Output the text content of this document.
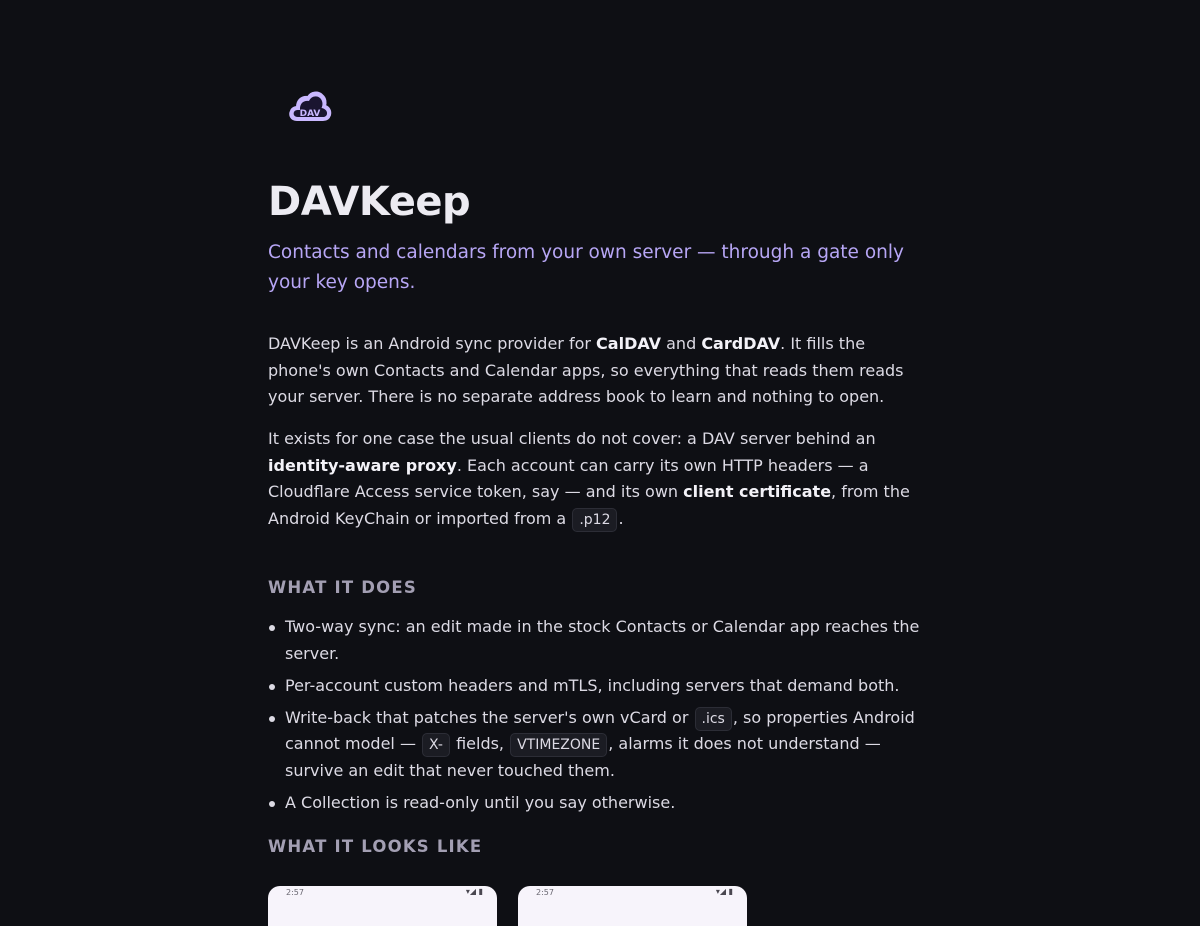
DAV
DAVKeep

Contacts and calendars from your own server — through a gate only your key opens.

DAVKeep is an Android sync provider for CalDAV and CardDAV. It fills the phone's own Contacts and Calendar apps, so everything that reads them reads your server. There is no separate address book to learn and nothing to open.

It exists for one case the usual clients do not cover: a DAV server behind an identity-aware proxy. Each account can carry its own HTTP headers — a Cloudflare Access service token, say — and its own client certificate, from the Android KeyChain or imported from a .p12 .

WHAT IT DOES
Two-way sync: an edit made in the stock Contacts or Calendar app reaches the server.
Per-account custom headers and mTLS, including servers that demand both.
Write-back that patches the server's own vCard or .ics , so properties Android cannot model — X- fields, VTIMEZONE , alarms it does not understand — survive an edit that never touched them.
A Collection is read-only until you say otherwise.
WHAT IT LOOKS LIKE
2:57	▾◢ ▮	2:57	▾◢ ▮
